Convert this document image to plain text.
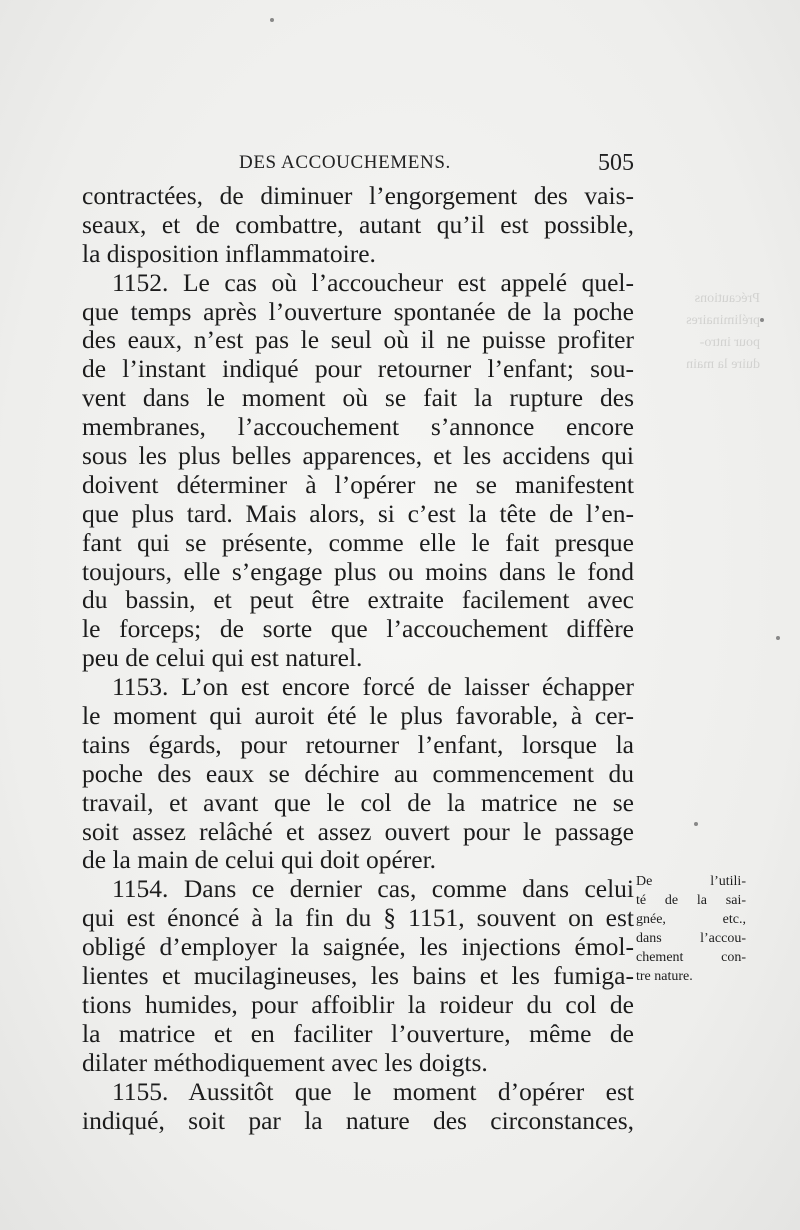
Précautions
préliminaires
pour intro-
duire la main
DES ACCOUCHEMENS.	505
contractées, de diminuer l’engorgement des vais-
seaux, et de combattre, autant qu’il est possible,
la disposition inflammatoire.
1152. Le cas où l’accoucheur est appelé quel-
que temps après l’ouverture spontanée de la poche
des eaux, n’est pas le seul où il ne puisse profiter
de l’instant indiqué pour retourner l’enfant; sou-
vent dans le moment où se fait la rupture des
membranes, l’accouchement s’annonce encore
sous les plus belles apparences, et les accidens qui
doivent déterminer à l’opérer ne se manifestent
que plus tard. Mais alors, si c’est la tête de l’en-
fant qui se présente, comme elle le fait presque
toujours, elle s’engage plus ou moins dans le fond
du bassin, et peut être extraite facilement avec
le forceps; de sorte que l’accouchement diffère
peu de celui qui est naturel.
1153. L’on est encore forcé de laisser échapper
le moment qui auroit été le plus favorable, à cer-
tains égards, pour retourner l’enfant, lorsque la
poche des eaux se déchire au commencement du
travail, et avant que le col de la matrice ne se
soit assez relâché et assez ouvert pour le passage
de la main de celui qui doit opérer.
1154. Dans ce dernier cas, comme dans celui
qui est énoncé à la fin du § 1151, souvent on est
obligé d’employer la saignée, les injections émol-
lientes et mucilagineuses, les bains et les fumiga-
tions humides, pour affoiblir la roideur du col de
la matrice et en faciliter l’ouverture, même de
dilater méthodiquement avec les doigts.
1155. Aussitôt que le moment d’opérer est
indiqué, soit par la nature des circonstances,
De l’utili-
té de la sai-
gnée, etc.,
dans l’accou-
chement con-
tre nature.
